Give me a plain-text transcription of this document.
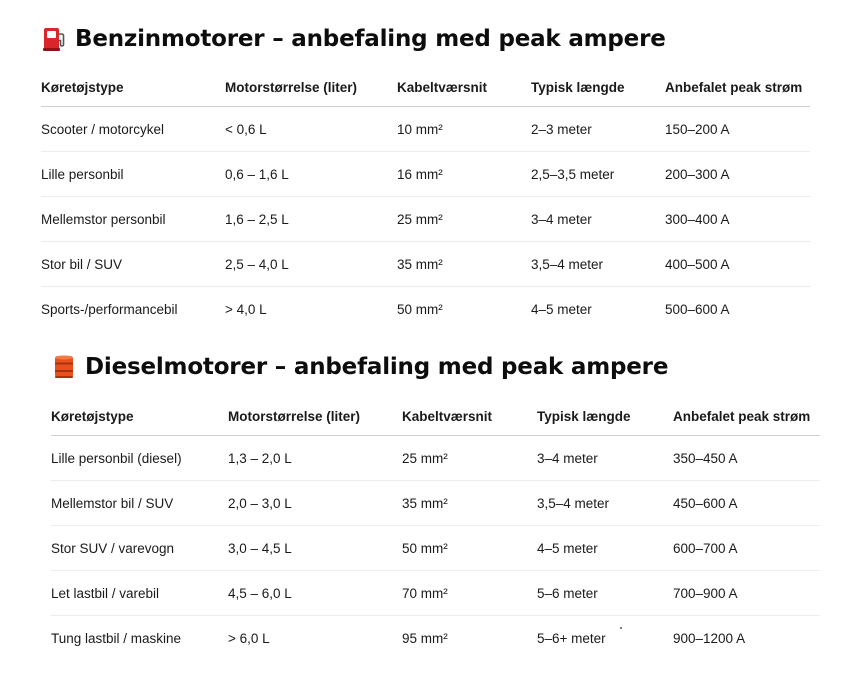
Benzinmotorer – anbefaling med peak ampere
Køretøjstype	Motorstørrelse (liter)	Kabeltværsnit	Typisk længde	Anbefalet peak strøm
Scooter / motorcykel	< 0,6 L	10 mm²	2–3 meter	150–200 A
Lille personbil	0,6 – 1,6 L	16 mm²	2,5–3,5 meter	200–300 A
Mellemstor personbil	1,6 – 2,5 L	25 mm²	3–4 meter	300–400 A
Stor bil / SUV	2,5 – 4,0 L	35 mm²	3,5–4 meter	400–500 A
Sports-/performancebil	> 4,0 L	50 mm²	4–5 meter	500–600 A
Dieselmotorer – anbefaling med peak ampere
Køretøjstype	Motorstørrelse (liter)	Kabeltværsnit	Typisk længde	Anbefalet peak strøm
Lille personbil (diesel)	1,3 – 2,0 L	25 mm²	3–4 meter	350–450 A
Mellemstor bil / SUV	2,0 – 3,0 L	35 mm²	3,5–4 meter	450–600 A
Stor SUV / varevogn	3,0 – 4,5 L	50 mm²	4–5 meter	600–700 A
Let lastbil / varebil	4,5 – 6,0 L	70 mm²	5–6 meter	700–900 A
Tung lastbil / maskine	> 6,0 L	95 mm²	5–6+ meter	900–1200 A
